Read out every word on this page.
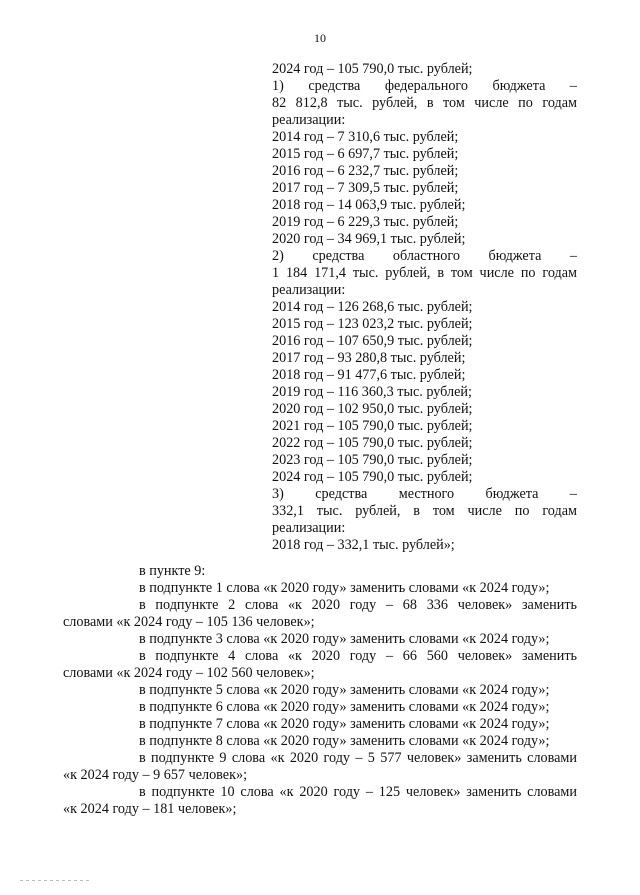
10
2024 год – 105 790,0 тыс. рублей;
1) средства федерального бюджета –
82 812,8 тыс. рублей, в том числе по годам
реализации:
2014 год – 7 310,6 тыс. рублей;
2015 год – 6 697,7 тыс. рублей;
2016 год – 6 232,7 тыс. рублей;
2017 год – 7 309,5 тыс. рублей;
2018 год – 14 063,9 тыс. рублей;
2019 год – 6 229,3 тыс. рублей;
2020 год – 34 969,1 тыс. рублей;
2) средства областного бюджета –
1 184 171,4 тыс. рублей, в том числе по годам
реализации:
2014 год – 126 268,6 тыс. рублей;
2015 год – 123 023,2 тыс. рублей;
2016 год – 107 650,9 тыс. рублей;
2017 год – 93 280,8 тыс. рублей;
2018 год – 91 477,6 тыс. рублей;
2019 год – 116 360,3 тыс. рублей;
2020 год – 102 950,0 тыс. рублей;
2021 год – 105 790,0 тыс. рублей;
2022 год – 105 790,0 тыс. рублей;
2023 год – 105 790,0 тыс. рублей;
2024 год – 105 790,0 тыс. рублей;
3) средства местного бюджета –
332,1 тыс. рублей, в том числе по годам
реализации:
2018 год – 332,1 тыс. рублей»;
в пункте 9:
в подпункте 1 слова «к 2020 году» заменить словами «к 2024 году»;
в подпункте 2 слова «к 2020 году – 68 336 человек» заменить
словами «к 2024 году – 105 136 человек»;
в подпункте 3 слова «к 2020 году» заменить словами «к 2024 году»;
в подпункте 4 слова «к 2020 году – 66 560 человек» заменить
словами «к 2024 году – 102 560 человек»;
в подпункте 5 слова «к 2020 году» заменить словами «к 2024 году»;
в подпункте 6 слова «к 2020 году» заменить словами «к 2024 году»;
в подпункте 7 слова «к 2020 году» заменить словами «к 2024 году»;
в подпункте 8 слова «к 2020 году» заменить словами «к 2024 году»;
в подпункте 9 слова «к 2020 году – 5 577 человек» заменить словами
«к 2024 году – 9 657 человек»;
в подпункте 10 слова «к 2020 году – 125 человек» заменить словами
«к 2024 году – 181 человек»;
